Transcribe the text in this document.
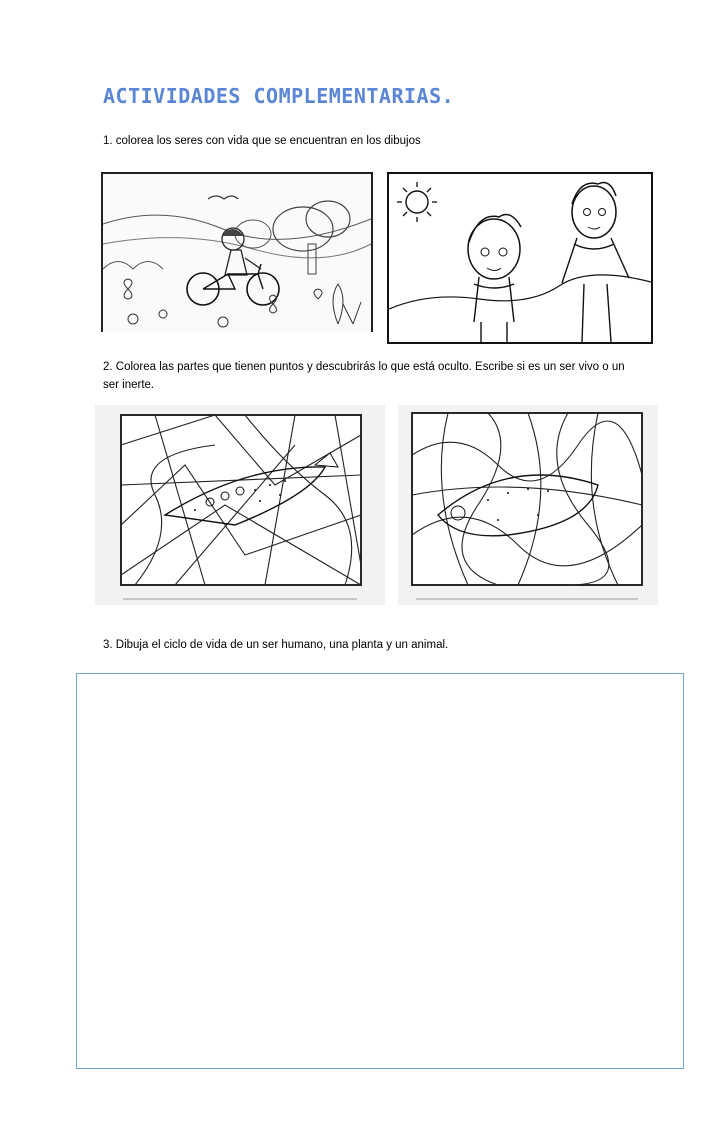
ACTIVIDADES COMPLEMENTARIAS.
1. colorea los seres con vida que se encuentran en los dibujos
2. Colorea las partes que tienen puntos y descubrirás lo que está oculto. Escribe si es un ser vivo o un ser inerte.
3. Dibuja el ciclo de vida de un ser humano, una planta y un animal.
